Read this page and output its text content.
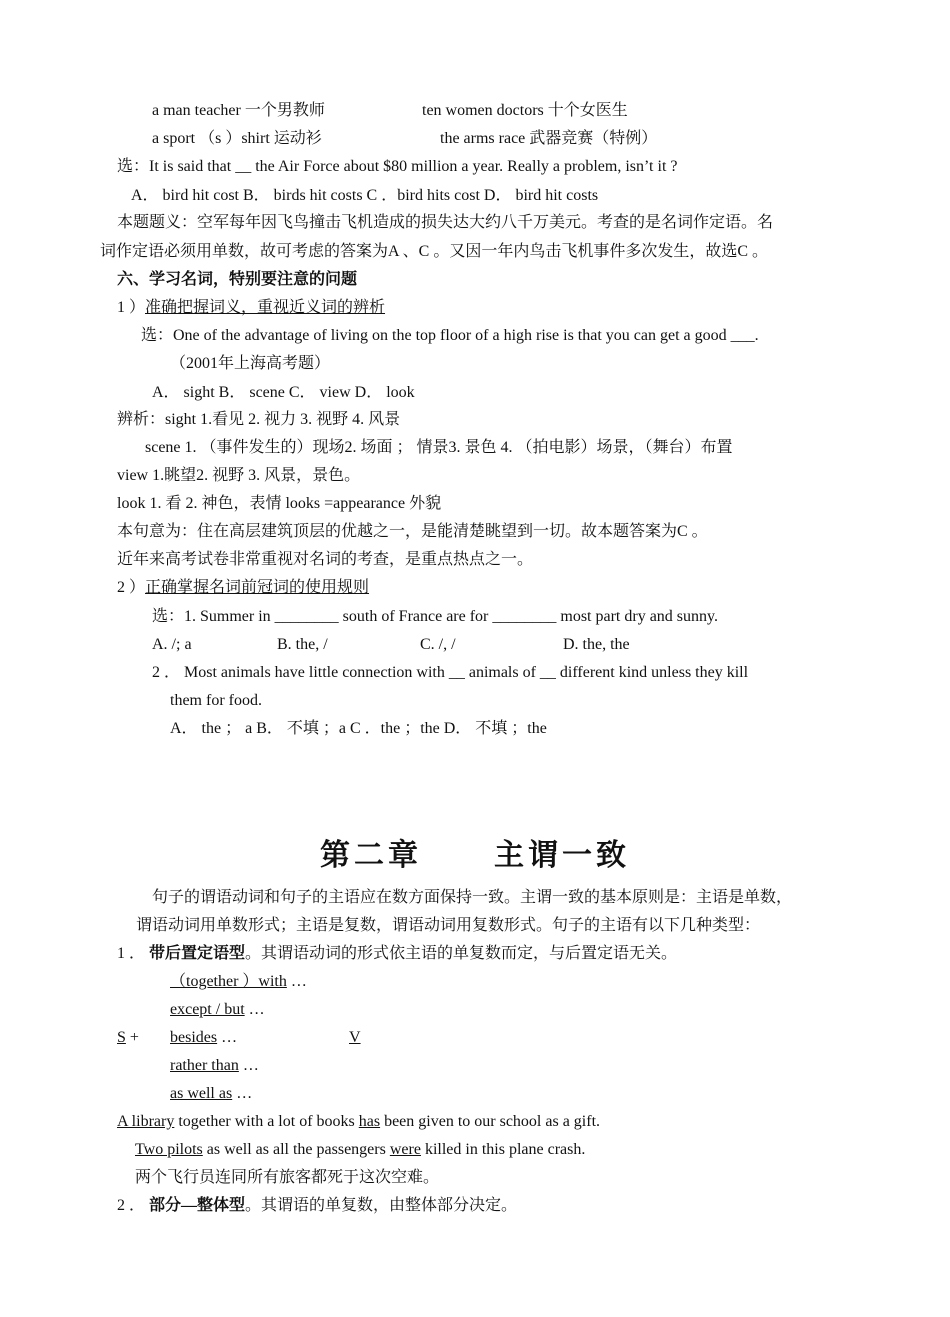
a man teacher 一个男教师	ten women doctors 十个女医生
a sport （s ）shirt 运动衫	the arms race 武器竞赛（特例）
选：It is said that __ the Air Force about $80 million a year. Really a problem, isn’t it ?
A． bird hit cost B． birds hit costs C ．bird hits cost D． bird hit costs
本题题义：空军每年因飞鸟撞击飞机造成的损失达大约八千万美元。考查的是名词作定语。名
词作定语必须用单数，故可考虑的答案为A 、C 。又因一年内鸟击飞机事件多次发生，故选C 。
六、学习名词，特别要注意的问题
1 ）准确把握词义，重视近义词的辨析
选：One of the advantage of living on the top floor of a high rise is that you can get a good ___.
（2001年上海高考题）
A． sight B． scene C． view D． look
辨析：sight 1.看见 2. 视力 3. 视野 4. 风景
scene 1. （事件发生的）现场2. 场面 ； 情景3. 景色 4. （拍电影）场景，（舞台）布置
view 1.眺望2. 视野 3. 风景，景色。
look 1. 看 2. 神色，表情 looks =appearance 外貌
本句意为：住在高层建筑顶层的优越之一，是能清楚眺望到一切。故本题答案为C 。
近年来高考试卷非常重视对名词的考查，是重点热点之一。
2 ）正确掌握名词前冠词的使用规则
选：1. Summer in ________ south of France are for ________ most part dry and sunny.
A. /; a	B. the, /	C. /, /	D. the, the
2 ． Most animals have little connection with __ animals of __ different kind unless they kill
them for food.
A． the ； a B． 不填 ；a C ．the ；the D． 不填 ；the
第二章 主谓一致
句子的谓语动词和句子的主语应在数方面保持一致。主谓一致的基本原则是：主语是单数，
谓语动词用单数形式；主语是复数，谓语动词用复数形式。句子的主语有以下几种类型：
1 ． 带后置定语型。其谓语动词的形式依主语的单复数而定，与后置定语无关。
（together ）with …
except / but …
S + besides …	V
rather than …
as well as …
A library together with a lot of books has been given to our school as a gift.
Two pilots as well as all the passengers were killed in this plane crash.
两个飞行员连同所有旅客都死于这次空难。
2 ． 部分—整体型。其谓语的单复数，由整体部分决定。
